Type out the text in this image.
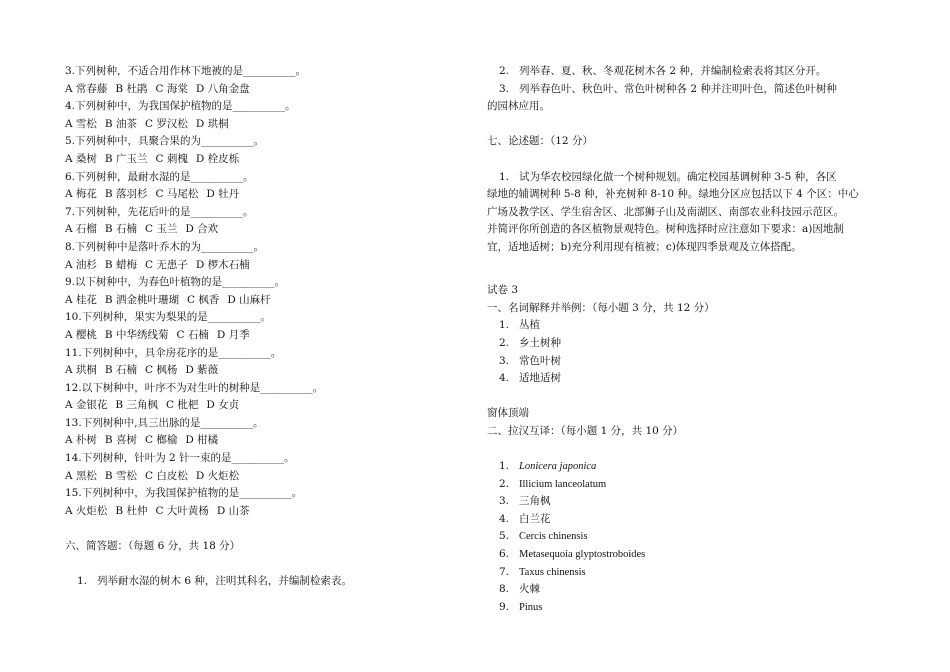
3.下列树种，不适合用作林下地被的是__________。
A 常春藤 B 杜鹃 C 海棠 D 八角金盘
4.下列树种中，为我国保护植物的是__________。
A 雪松 B 油茶 C 罗汉松 D 珙桐
5.下列树种中，具聚合果的为__________。
A 桑树 B 广玉兰 C 刺槐 D 栓皮栎
6.下列树种，最耐水湿的是__________。
A 梅花 B 落羽杉 C 马尾松 D 牡丹
7.下列树种，先花后叶的是__________。
A 石榴 B 石楠 C 玉兰 D 合欢
8.下列树种中是落叶乔木的为__________。
A 油杉 B 蜡梅 C 无患子 D 椤木石楠
9.以下树种中，为春色叶植物的是__________。
A 桂花 B 洒金桃叶珊瑚 C 枫香 D 山麻杆
10.下列树种，果实为梨果的是__________。
A 樱桃 B 中华绣线菊 C 石楠 D 月季
11.下列树种中，具伞房花序的是__________。
A 珙桐 B 石楠 C 枫杨 D 紫薇
12.以下树种中，叶序不为对生叶的树种是__________。
A 金银花 B 三角枫 C 枇杷 D 女贞
13.下列树种中,具三出脉的是__________。
A 朴树 B 喜树 C 榔榆 D 柑橘
14.下列树种，针叶为 2 针一束的是__________。
A 黑松 B 雪松 C 白皮松 D 火炬松
15.下列树种中，为我国保护植物的是__________。
A 火炬松 B 杜仲 C 大叶黄杨 D 山茶
六、简答题：（每题 6 分，共 18 分）
1. 列举耐水湿的树木 6 种，注明其科名，并编制检索表。
2. 列举春、夏、秋、冬观花树木各 2 种，并编制检索表将其区分开。
3. 列举春色叶、秋色叶、常色叶树种各 2 种并注明叶色，简述色叶树种
的园林应用。
七、论述题：（12 分）
1. 试为华农校园绿化做一个树种规划。确定校园基调树种 3-5 种，各区
绿地的辅调树种 5-8 种，补充树种 8-10 种。绿地分区应包括以下 4 个区：中心
广场及教学区、学生宿舍区、北部狮子山及南湖区、南部农业科技园示范区。
并简评你所创造的各区植物景观特色。树种选择时应注意如下要求：a)因地制
宜，适地适树；b)充分利用现有植被；c)体现四季景观及立体搭配。
试卷 3
一、名词解释并举例：（每小题 3 分，共 12 分）
1. 丛植
2. 乡土树种
3. 常色叶树
4. 适地适树
窗体顶端
二、拉汉互译：（每小题 1 分，共 10 分）
1. Lonicera japonica
2. Illicium lanceolatum
3. 三角枫
4. 白兰花
5. Cercis chinensis
6. Metasequoia glyptostroboides
7. Taxus chinensis
8. 火棘
9. Pinus
